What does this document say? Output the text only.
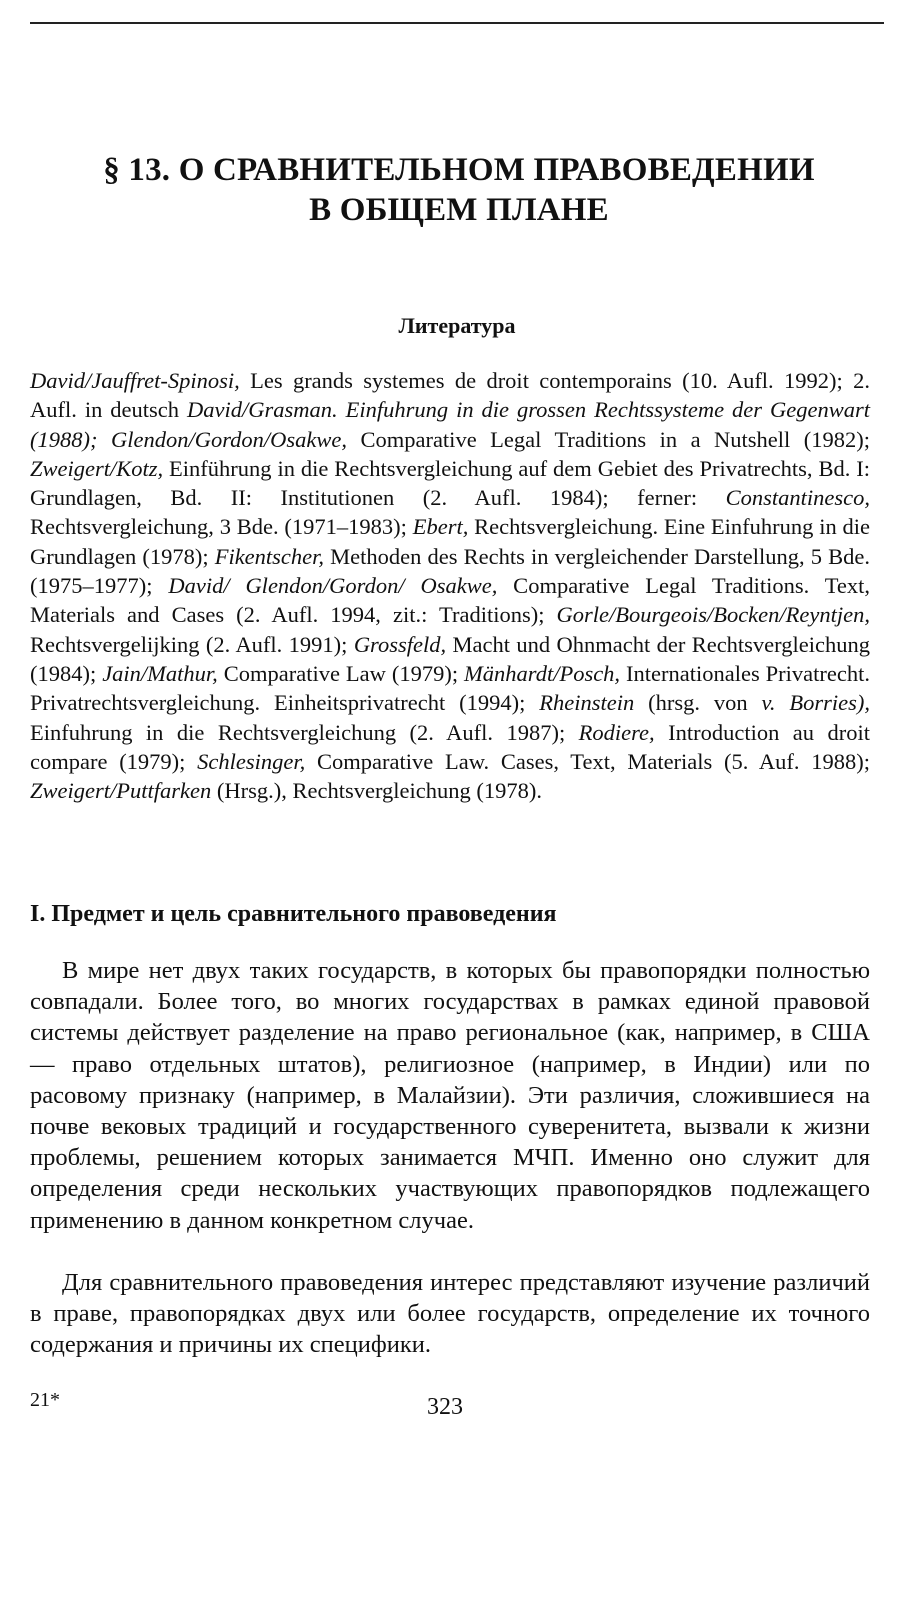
§ 13. О СРАВНИТЕЛЬНОМ ПРАВОВЕДЕНИИ
В ОБЩЕМ ПЛАНЕ
Литература
David/Jauffret-Spinosi, Les grands systemes de droit contemporains (10. Aufl. 1992); 2. Aufl. in deutsch David/Grasman. Einfuhrung in die grossen Rechtssysteme der Gegenwart (1988); Glendon/Gordon/Osakwe, Comparative Legal Traditions in a Nutshell (1982); Zweigert/Kotz, Einführung in die Rechtsvergleichung auf dem Gebiet des Privatrechts, Bd. I: Grundlagen, Bd. II: Institutionen (2. Aufl. 1984); ferner: Constantinesco, Rechtsvergleichung, 3 Bde. (1971–1983); Ebert, Rechtsvergleichung. Eine Einfuhrung in die Grundlagen (1978); Fikentscher, Methoden des Rechts in vergleichender Darstellung, 5 Bde. (1975–1977); David/ Glendon/Gordon/ Osakwe, Comparative Legal Traditions. Text, Materials and Cases (2. Aufl. 1994, zit.: Traditions); Gorle/Bourgeois/Bocken/Reyntjen, Rechtsvergelijking (2. Aufl. 1991); Grossfeld, Macht und Ohnmacht der Rechtsvergleichung (1984); Jain/Mathur, Comparative Law (1979); Mänhardt/Posch, Internationales Privatrecht. Privatrechtsvergleichung. Einheitsprivatrecht (1994); Rheinstein (hrsg. von v. Borries), Einfuhrung in die Rechtsvergleichung (2. Aufl. 1987); Rodiere, Introduction au droit compare (1979); Schlesinger, Comparative Law. Cases, Text, Materials (5. Auf. 1988); Zweigert/Puttfarken (Hrsg.), Rechtsvergleichung (1978).
I. Предмет и цель сравнительного правоведения
В мире нет двух таких государств, в которых бы правопорядки полностью совпадали. Более того, во многих государствах в рамках единой правовой системы действует разделение на право региональное (как, например, в США — право отдельных штатов), религиозное (например, в Индии) или по расовому признаку (например, в Малайзии). Эти различия, сложившиеся на почве вековых традиций и государственного суверенитета, вызвали к жизни проблемы, решением которых занимается МЧП. Именно оно служит для определения среди нескольких участвующих правопорядков подлежащего применению в данном конкретном случае.
Для сравнительного правоведения интерес представляют изучение различий в праве, правопорядках двух или более государств, определение их точного содержания и причины их специфики.
21*	323
